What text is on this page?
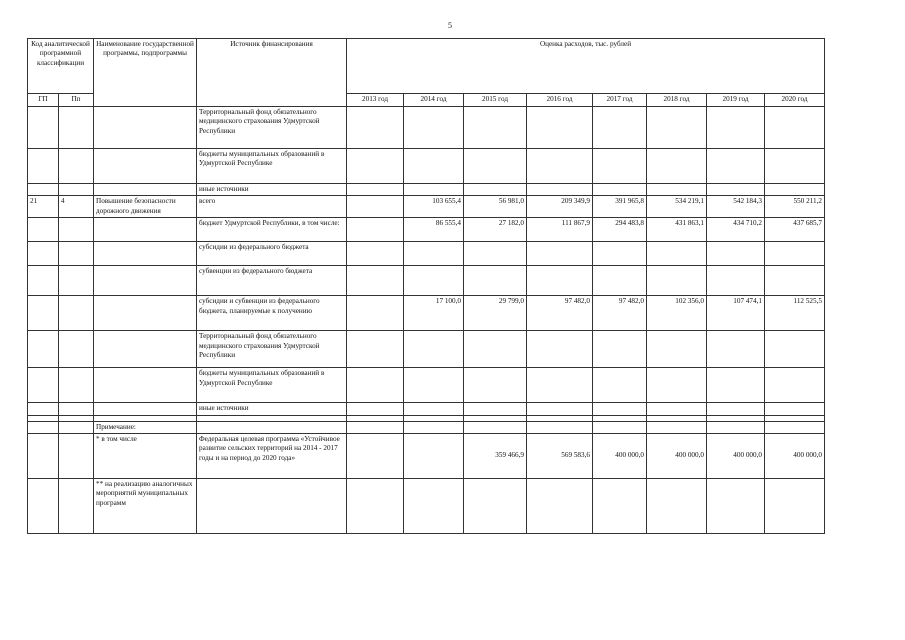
5
Код аналитической программной классификации		Наименование государственной программы, подпрограммы	Источник финансирования	Оценка расходов, тыс. рублей							
ГП	Пп			2013 год	2014 год	2015 год	2016 год	2017 год	2018 год	2019 год	2020 год
			Территориальный фонд обязательного медицинского страхования Удмуртской Республики								
			бюджеты муниципальных образований в Удмуртской Республике								
			иные источники								
21	4	Повышение безопасности дорожного движения	всего		103 655,4	56 981,0	209 349,9	391 965,8	534 219,1	542 184,3	550 211,2
			бюджет Удмуртской Республики, в том числе:		86 555,4	27 182,0	111 867,9	294 483,8	431 863,1	434 710,2	437 685,7
			субсидии из федерального бюджета								
			субвенции из федерального бюджета								
			субсидии и субвенции из федерального бюджета, планируемые к получению		17 100,0	29 799,0	97 482,0	97 482,0	102 356,0	107 474,1	112 525,5
			Территориальный фонд обязательного медицинского страхования Удмуртской Республики								
			бюджеты муниципальных образований в Удмуртской Республике								
			иные источники								

		Примечание:									
		* в том числе	Федеральная целевая программа «Устойчивое развитие сельских территорий на 2014 - 2017 годы и на период до 2020 года»			359 466,9	569 583,6	400 000,0	400 000,0	400 000,0	400 000,0
		** на реализацию аналогичных мероприятий муниципальных программ									
